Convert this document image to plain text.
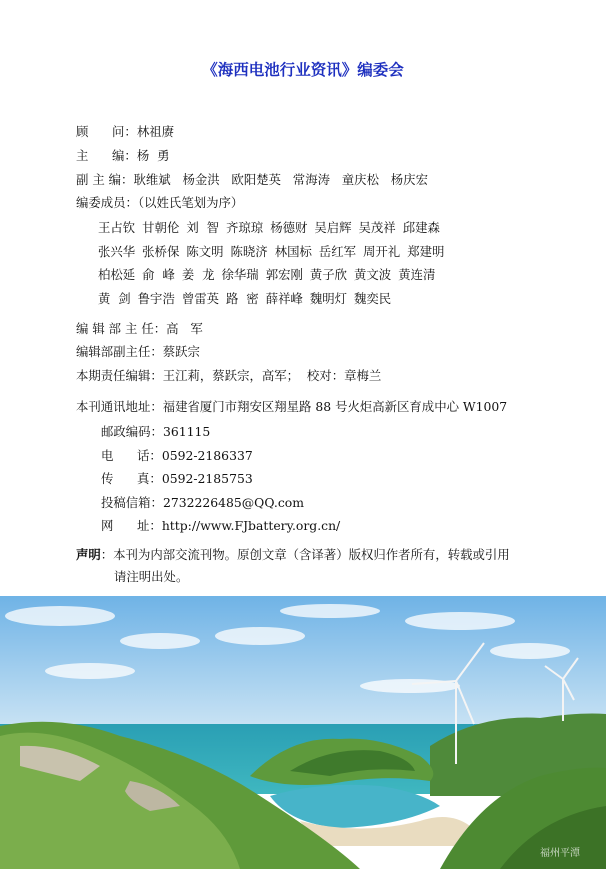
《海西电池行业资讯》编委会
顾      问：林祖赓
主      编：杨  勇
副 主 编：耿维斌   杨金洪   欧阳楚英   常海涛   童庆松   杨庆宏
编委成员：（以姓氏笔划为序）
王占钦 甘朝伦 刘  智 齐琼琼 杨德财 吴启辉 吴茂祥 邱建森
张兴华 张桥保 陈文明 陈晓济 林国标 岳红军 周开礼 郑建明
柏松延 俞  峰 姜  龙 徐华瑞 郭宏刚 黄子欣 黄文波 黄连清
黄  剑 鲁宇浩 曾雷英 路  密 薛祥峰 魏明灯 魏奕民
编 辑 部 主 任：高   军
编辑部副主任：蔡跃宗
本期责任编辑：王江莉，蔡跃宗，高军；  校对：章梅兰
本刊通讯地址：福建省厦门市翔安区翔星路 88 号火炬高新区育成中心 W1007
邮政编码：361115
电      话：0592-2186337
传      真：0592-2185753
投稿信箱：2732226485@QQ.com
网      址：http://www.FJbattery.org.cn/
声明：本刊为内部交流刊物。原创文章（含译著）版权归作者所有，转载或引用
请注明出处。
福州平潭
